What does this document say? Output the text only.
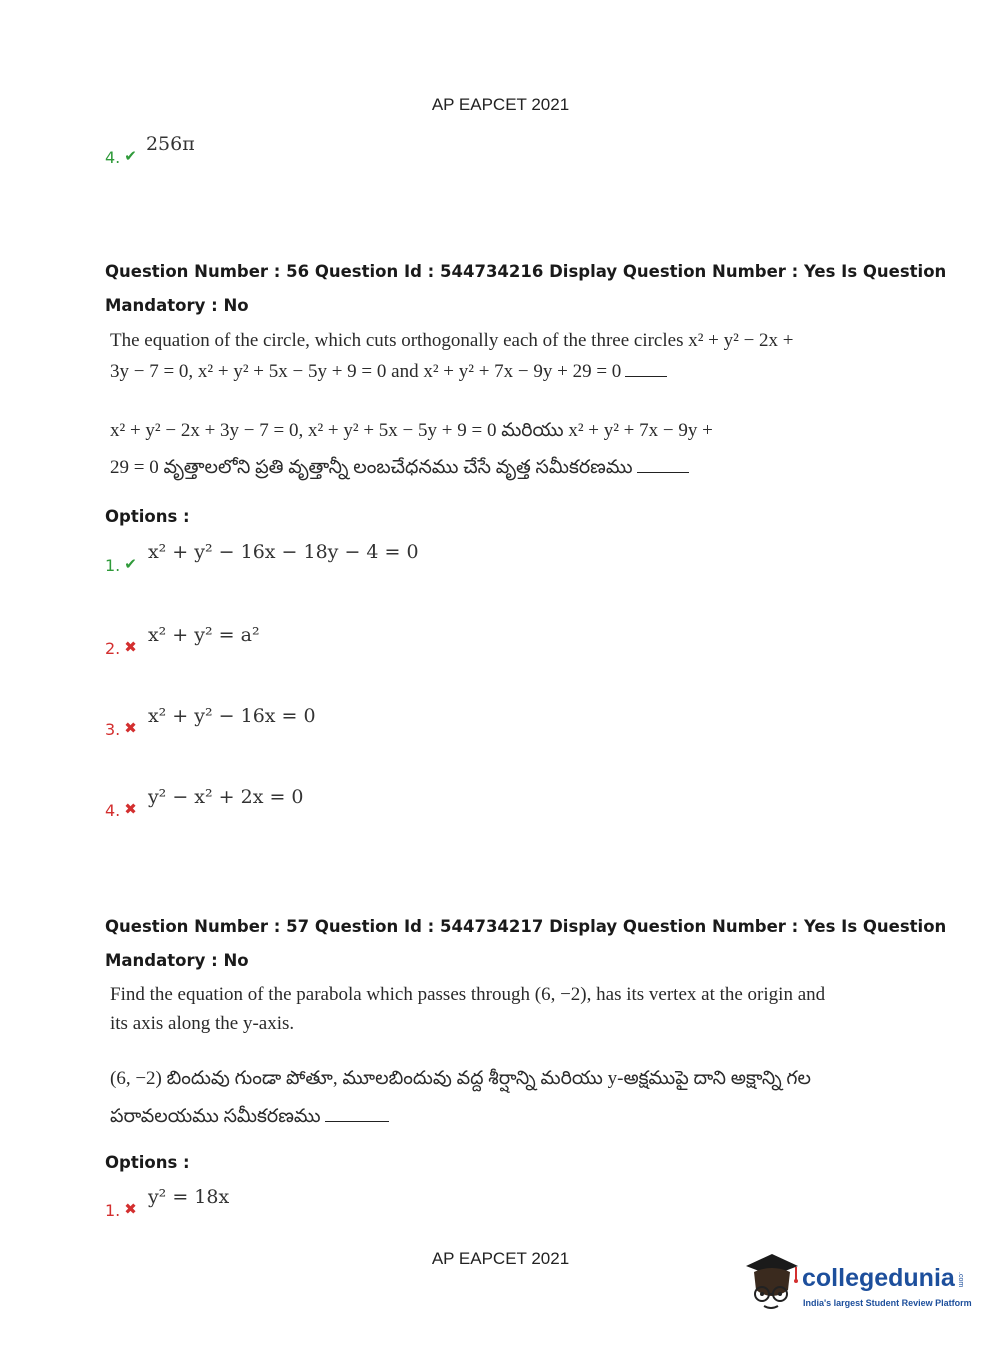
AP EAPCET 2021
4. ✔ 256π
Question Number : 56 Question Id : 544734216 Display Question Number : Yes Is Question
Mandatory : No
The equation of the circle, which cuts orthogonally each of the three circles x² + y² − 2x +
3y − 7 = 0, x² + y² + 5x − 5y + 9 = 0 and x² + y² + 7x − 9y + 29 = 0
x² + y² − 2x + 3y − 7 = 0, x² + y² + 5x − 5y + 9 = 0 మరియు x² + y² + 7x − 9y +
29 = 0 వృత్తాలలోని ప్రతి వృత్తాన్నీ లంబచేధనము చేసే వృత్త సమీకరణము
Options :
1. ✔ x² + y² − 16x − 18y − 4 = 0
2. ✖ x² + y² = a²
3. ✖ x² + y² − 16x = 0
4. ✖ y² − x² + 2x = 0
Question Number : 57 Question Id : 544734217 Display Question Number : Yes Is Question
Mandatory : No
Find the equation of the parabola which passes through (6, −2), has its vertex at the origin and
its axis along the y-axis.
(6, −2) బిందువు గుండా పోతూ, మూలబిందువు వద్ద శీర్షాన్ని మరియు y-అక్షముపై దాని అక్షాన్ని గల
పరావలయము సమీకరణము
Options :
1. ✖ y² = 18x
AP EAPCET 2021
collegedunia .com
India's largest Student Review Platform
